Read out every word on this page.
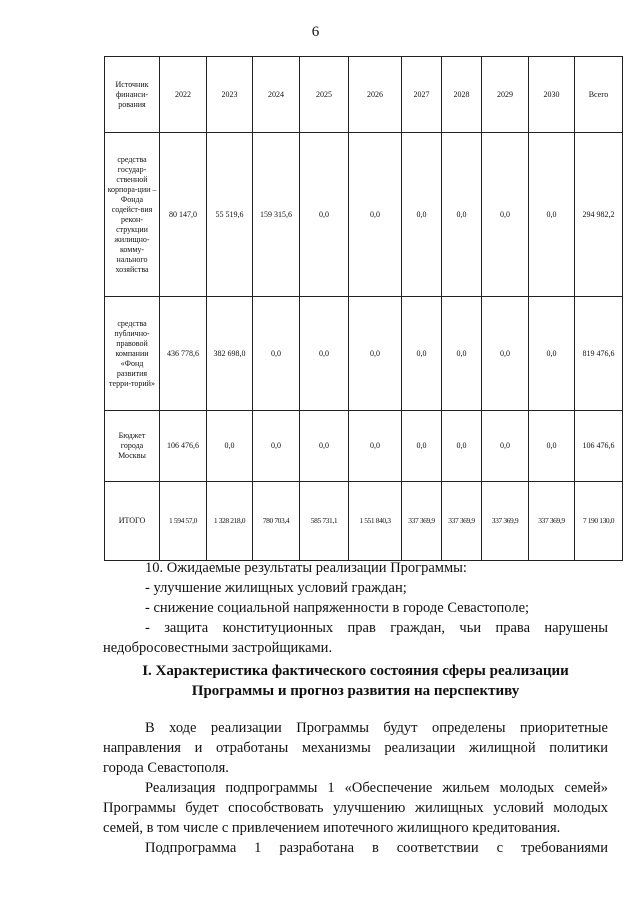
6
Источник финанси-рования	2022	2023	2024	2025	2026	2027	2028	2029	2030	Всего
средства государ-ственной корпора-ции – Фонда содейст-вия рекон-струкции жилищно-комму-нального хозяйства	80 147,0	55 519,6	159 315,6	0,0	0,0	0,0	0,0	0,0	0,0	294 982,2
средства публично-правовой компании «Фонд развития терри-торий»	436 778,6	382 698,0	0,0	0,0	0,0	0,0	0,0	0,0	0,0	819 476,6
Бюджет города Москвы	106 476,6	0,0	0,0	0,0	0,0	0,0	0,0	0,0	0,0	106 476,6
ИТОГО	1 594 57,0	1 328 218,0	780 703,4	585 731,1	1 551 840,3	337 369,9	337 369,9	337 369,9	337 369,9	7 190 130,0

10. Ожидаемые результаты реализации Программы:

- улучшение жилищных условий граждан;

- снижение социальной напряженности в городе Севастополе;

- защита конституционных прав граждан, чьи права нарушены

недобросовестными застройщиками.

I. Характеристика фактического состояния сферы реализации
Программы и прогноз развития на перспективу

В ходе реализации Программы будут определены приоритетные

направления и отработаны механизмы реализации жилищной политики

города Севастополя.

Реализация подпрограммы 1 «Обеспечение жильем молодых семей»

Программы будет способствовать улучшению жилищных условий молодых

семей, в том числе с привлечением ипотечного жилищного кредитования.

Подпрограмма 1 разработана в соответствии с требованиями
